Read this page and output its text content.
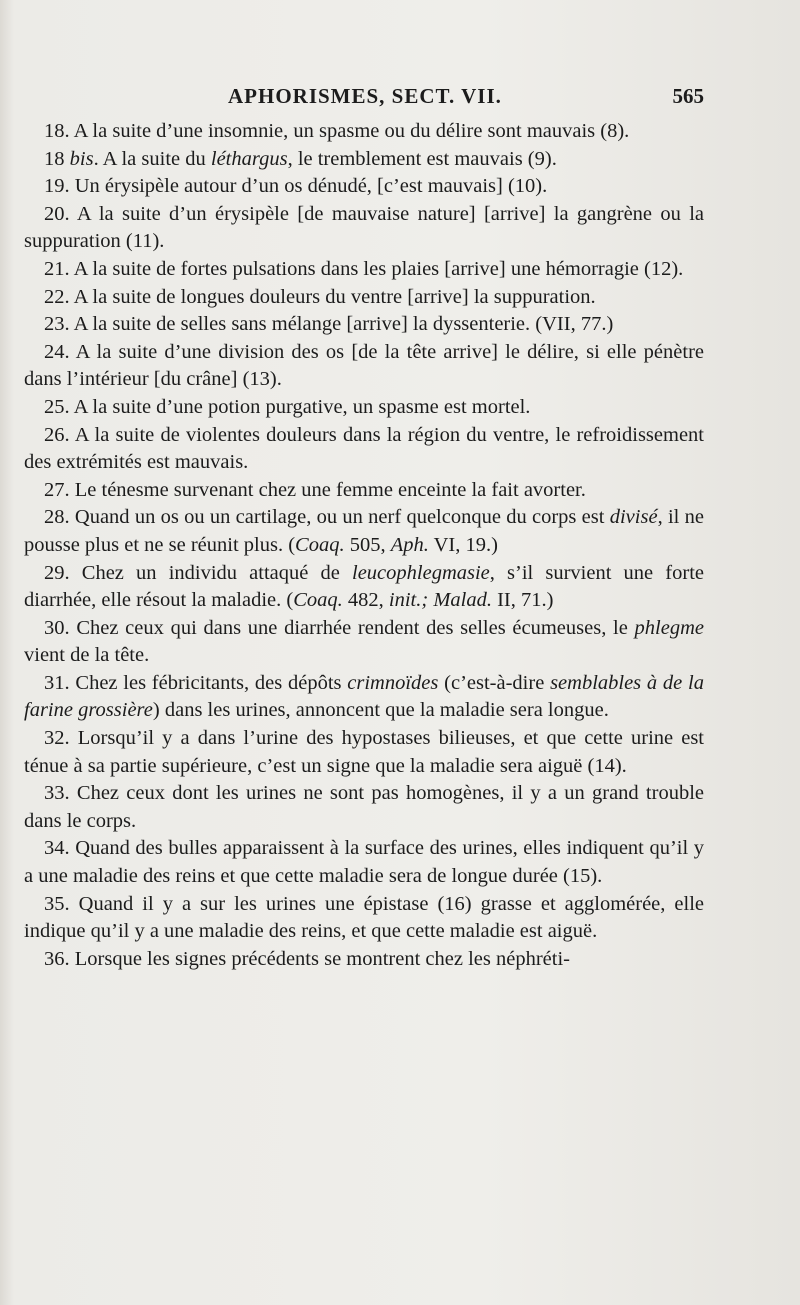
APHORISMES, SECT. VII.	565

18. A la suite d’une insomnie, un spasme ou du délire sont mauvais (8).

18 bis. A la suite du léthargus, le tremblement est mauvais (9).

19. Un érysipèle autour d’un os dénudé, [c’est mauvais] (10).

20. A la suite d’un érysipèle [de mauvaise nature] [arrive] la gangrène ou la suppuration (11).

21. A la suite de fortes pulsations dans les plaies [arrive] une hémorragie (12).

22. A la suite de longues douleurs du ventre [arrive] la suppuration.

23. A la suite de selles sans mélange [arrive] la dyssenterie. (VII, 77.)

24. A la suite d’une division des os [de la tête arrive] le délire, si elle pénètre dans l’intérieur [du crâne] (13).

25. A la suite d’une potion purgative, un spasme est mortel.

26. A la suite de violentes douleurs dans la région du ventre, le refroidissement des extrémités est mauvais.

27. Le ténesme survenant chez une femme enceinte la fait avorter.

28. Quand un os ou un cartilage, ou un nerf quelconque du corps est divisé, il ne pousse plus et ne se réunit plus. (Coaq. 505, Aph. VI, 19.)

29. Chez un individu attaqué de leucophlegmasie, s’il survient une forte diarrhée, elle résout la maladie. (Coaq. 482, init.; Malad. II, 71.)

30. Chez ceux qui dans une diarrhée rendent des selles écumeuses, le phlegme vient de la tête.

31. Chez les fébricitants, des dépôts crimnoïdes (c’est-à-dire semblables à de la farine grossière) dans les urines, annoncent que la maladie sera longue.

32. Lorsqu’il y a dans l’urine des hypostases bilieuses, et que cette urine est ténue à sa partie supérieure, c’est un signe que la maladie sera aiguë (14).

33. Chez ceux dont les urines ne sont pas homogènes, il y a un grand trouble dans le corps.

34. Quand des bulles apparaissent à la surface des urines, elles indiquent qu’il y a une maladie des reins et que cette maladie sera de longue durée (15).

35. Quand il y a sur les urines une épistase (16) grasse et agglomérée, elle indique qu’il y a une maladie des reins, et que cette maladie est aiguë.

36. Lorsque les signes précédents se montrent chez les néphréti-
